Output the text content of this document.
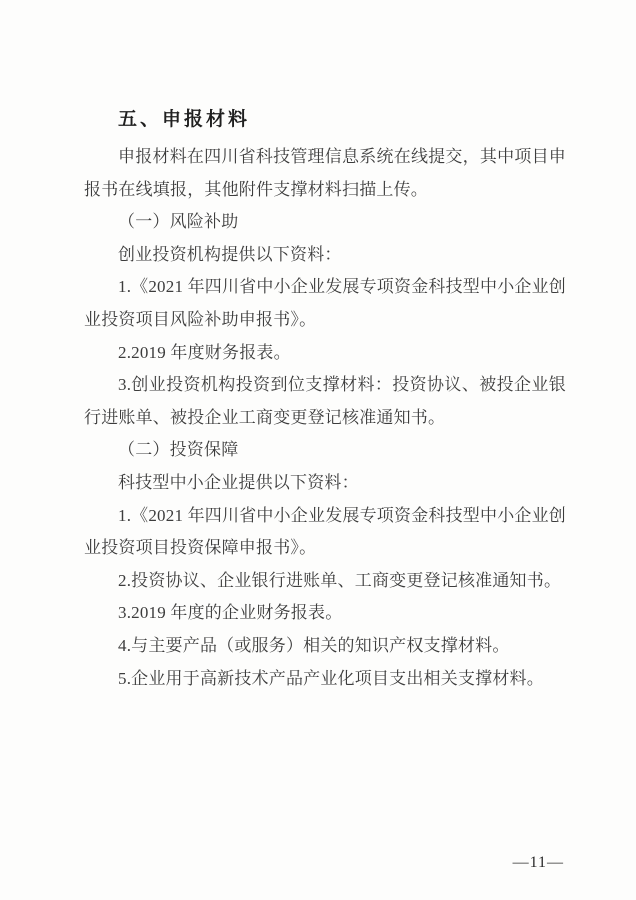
五、申报材料

申报材料在四川省科技管理信息系统在线提交，其中项目申报书在线填报，其他附件支撑材料扫描上传。

（一）风险补助

创业投资机构提供以下资料：

1.《2021 年四川省中小企业发展专项资金科技型中小企业创业投资项目风险补助申报书》。

2.2019 年度财务报表。

3.创业投资机构投资到位支撑材料：投资协议、被投企业银行进账单、被投企业工商变更登记核准通知书。

（二）投资保障

科技型中小企业提供以下资料：

1.《2021 年四川省中小企业发展专项资金科技型中小企业创业投资项目投资保障申报书》。

2.投资协议、企业银行进账单、工商变更登记核准通知书。

3.2019 年度的企业财务报表。

4.与主要产品（或服务）相关的知识产权支撑材料。

5.企业用于高新技术产品产业化项目支出相关支撑材料。

—11—
